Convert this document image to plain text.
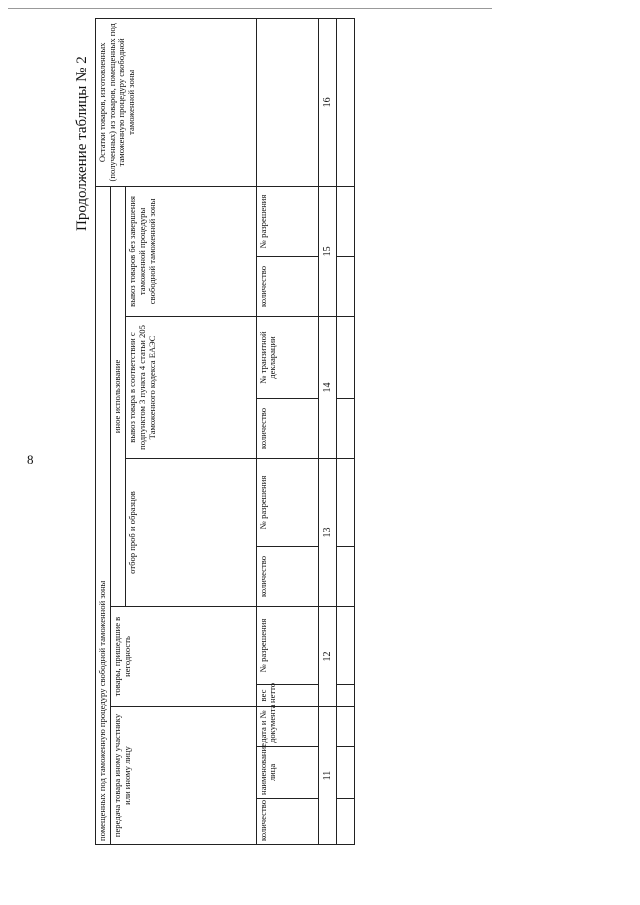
8
Продолжение таблицы № 2
помещенных под таможенную процедуру свободной таможенной зоны											Остатки товаров, изготовленных (полученных) из товаров, помещенных под таможенную процедуру свободной таможенной зоны
передача товара иному участнику или иному лицу			товары, пришедшие в негодность		иное использование						
					отбор проб и образцов		вывоз товара в соответствии с подпунктом 3 пункта 4 статьи 205 Таможенного кодекса ЕАЭС		вывоз товаров без завершения таможенной процедуры свободной таможенной зоны		
количество	наименование лица	дата и № документа	вес нетто	№ разрешения	количество	№ разрешения	количество	№ транзитной декларации	количество	№ разрешения	
11			12		13		14		15		16
